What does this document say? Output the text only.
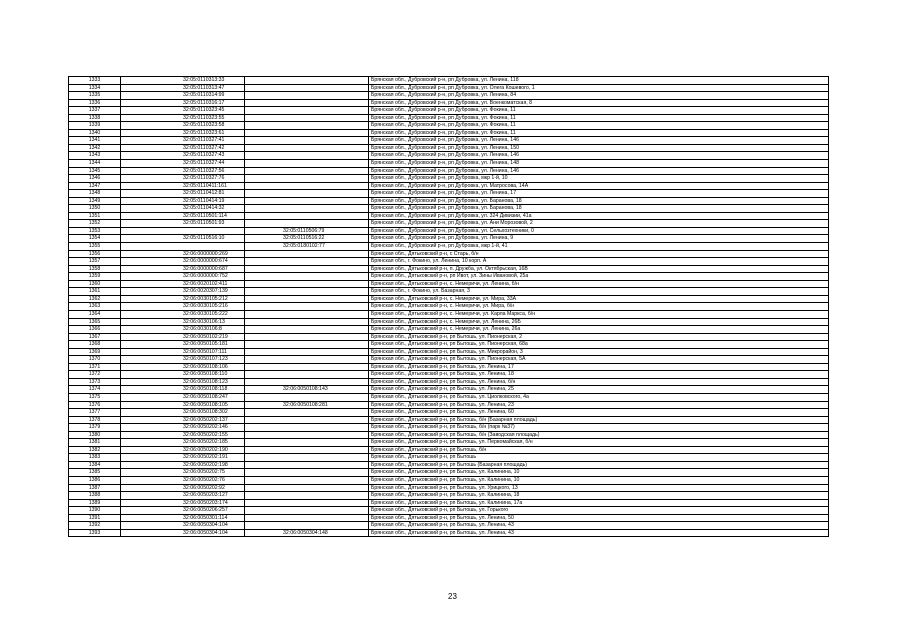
1333	32:05:0110313:33		Брянская обл., Дубровский р-н, рп Дубровка, ул. Ленина, 118
1334	32:05:0110313:47		Брянская обл., Дубровский р-н, рп Дубровка, ул. Олега Кошевого, 1
1335	32:05:0110314:99		Брянская обл., Дубровский р-н, рп Дубровка, ул. Ленина, 84
1336	32:05:0110316:17		Брянская обл., Дубровский р-н, рп Дубровка, ул. Военкоматская, 8
1337	32:05:0110323:45		Брянская обл., Дубровский р-н, рп Дубровка, ул. Фокина, 11
1338	32:05:0110323:55		Брянская обл., Дубровский р-н, рп Дубровка, ул. Фокина, 11
1339	32:05:0110323:58		Брянская обл., Дубровский р-н, рп Дубровка, ул. Фокина, 11
1340	32:05:0110323:61		Брянская обл., Дубровский р-н, рп Дубровка, ул. Фокина, 11
1341	32:05:0110327:41		Брянская обл., Дубровский р-н, рп Дубровка, ул. Ленина, 146
1342	32:05:0110327:42		Брянская обл., Дубровский р-н, рп Дубровка, ул. Ленина, 150
1343	32:05:0110327:43		Брянская обл., Дубровский р-н, рп Дубровка, ул. Ленина, 146
1344	32:05:0110327:44		Брянская обл., Дубровский р-н, рп Дубровка, ул. Ленина, 148
1345	32:05:0110327:56		Брянская обл., Дубровский р-н, рп Дубровка, ул. Ленина, 146
1346	32:05:0110327:76		Брянская обл., Дубровский р-н, рп Дубровка, мкр 1-й, 10
1347	32:05:0110411:161		Брянская обл., Дубровский р-н, рп Дубровка, ул. Матросова, 14А
1348	32:05:0110412:81		Брянская обл., Дубровский р-н, рп Дубровка, ул. Ленина, 17
1349	32:05:0110414:19		Брянская обл., Дубровский р-н, рп Дубровка, ул. Баранова, 18
1350	32:05:0110414:32		Брянская обл., Дубровский р-н, рп Дубровка, ул. Баранова, 18
1351	32:05:0110501:114		Брянская обл., Дубровский р-н, рп Дубровка, ул. 324 Дивизии, 41а
1352	32:05:0110501:93		Брянская обл., Дубровский р-н, рп Дубровка, ул. Ани Морозовой, 2
1353		32:05:0110506:79	Брянская обл., Дубровский р-н, рп Дубровка, ул. Сельхозтехники, 0
1354	32:05:0110516:10	32:05:0110516:22	Брянская обл., Дубровский р-н, рп Дубровка, ул. Ленина, 9
1355		32:05:0180102:77	Брянская обл., Дубровский р-н, рп Дубровка, мкр 1-й, 41
1356	32:06:0000000:269		Брянская обл., Дятьковский р-н, с Старь, б/н
1357	32:06:0000000:674		Брянская обл., г. Фокино, ул. Ленина, 10 корп. А
1358	32:06:0000000:687		Брянская обл., Дятьковский р-н, п. Дружба, ул. Октябрьская, 16В
1359	32:06:0000000:752		Брянская обл., Дятьковский р-н, рп Ивот, ул. Зины Ивановой, 25а
1360	32:06:0020102:411		Брянская обл., Дятьковский р-н, с. Немеричи, ул. Ленина, б/н
1361	32:06:0020307:139		Брянская обл., г. Фокино, ул. Базарная, 3
1362	32:06:0030105:212		Брянская обл., Дятьковский р-н, с. Немеричи, ул. Мира, 33А
1363	32:06:0030105:216		Брянская обл., Дятьковский р-н, с. Немеричи, ул. Мира, б/н
1364	32:06:0030105:222		Брянская обл., Дятьковский р-н, с. Немеричи, ул. Карла Маркса, б/н
1365	32:06:0030106:13		Брянская обл., Дятьковский р-н, с. Немеричи, ул. Ленина, 26Б
1366	32:06:0030106:8		Брянская обл., Дятьковский р-н, с. Немеричи, ул. Ленина, 26а
1367	32:06:0050102:219		Брянская обл., Дятьковский р-н, рп Бытошь, ул. Пионерская, 2
1368	32:06:0050105:181		Брянская обл., Дятьковский р-н, рп Бытошь, ул. Пионерская, 68а
1369	32:06:0050107:111		Брянская обл., Дятьковский р-н, рп Бытошь, ул. Микрорайон, 3
1370	32:06:0050107:123		Брянская обл., Дятьковский р-н, рп Бытошь, ул. Пионерская, 5А
1371	32:06:0050108:106		Брянская обл., Дятьковский р-н, рп Бытошь, ул. Ленина, 17
1372	32:06:0050108:110		Брянская обл., Дятьковский р-н, рп Бытошь, ул. Ленина, 18
1373	32:06:0050108:123		Брянская обл., Дятьковский р-н, рп Бытошь, ул. Ленина, б/н
1374	32:06:0050108:118	32:06:0050108:143	Брянская обл., Дятьковский р-н, рп Бытошь, ул. Ленина, 25
1375	32:06:0050108:247		Брянская обл., Дятьковский р-н, рп Бытошь, ул. Циолковского, 4а
1376	32:06:0050108:105	32:06:0050108:281	Брянская обл., Дятьковский р-н, рп Бытошь, ул. Ленина, 23
1377	32:06:0050108:302		Брянская обл., Дятьковский р-н, рп Бытошь, ул. Ленина, 60
1378	32:06:0050202:137		Брянская обл., Дятьковский р-н, рп Бытошь, б/н (Базарная площадь)
1379	32:06:0050202:146		Брянская обл., Дятьковский р-н, рп Бытошь, б/н (парк №37)
1380	32:06:0050202:155		Брянская обл., Дятьковский р-н, рп Бытошь, б/н (Заводская площадь)
1381	32:06:0050202:185		Брянская обл., Дятьковский р-н, рп Бытошь, ул. Первомайская, б/н
1382	32:06:0050202:190		Брянская обл., Дятьковский р-н, рп Бытошь, б/н
1383	32:06:0050202:191		Брянская обл., Дятьковский р-н, рп Бытошь
1384	32:06:0050202:198		Брянская обл., Дятьковский р-н, рп Бытошь (Базарная площадь)
1385	32:06:0050202:75		Брянская обл., Дятьковский р-н, рп Бытошь, ул. Калинина, 10
1386	32:06:0050202:76		Брянская обл., Дятьковский р-н, рп Бытошь, ул. Калинина, 10
1387	32:06:0050202:92		Брянская обл., Дятьковский р-н, рп Бытошь, ул. Урицкого, 13
1388	32:06:0050203:127		Брянская обл., Дятьковский р-н, рп Бытошь, ул. Калинина, 18
1389	32:06:0050203:174		Брянская обл., Дятьковский р-н, рп Бытошь, ул. Калинина, 17а
1390	32:06:0050206:257		Брянская обл., Дятьковский р-н, рп Бытошь, ул. Горького
1391	32:06:0050301:114		Брянская обл., Дятьковский р-н, рп Бытошь, ул. Ленина, 50
1392	32:06:0050304:104		Брянская обл., Дятьковский р-н, рп Бытошь, ул. Ленина, 43
1393	32:06:0050304:104	32:06:0050304:148	Брянская обл., Дятьковский р-н, рп Бытошь, ул. Ленина, 43
23
